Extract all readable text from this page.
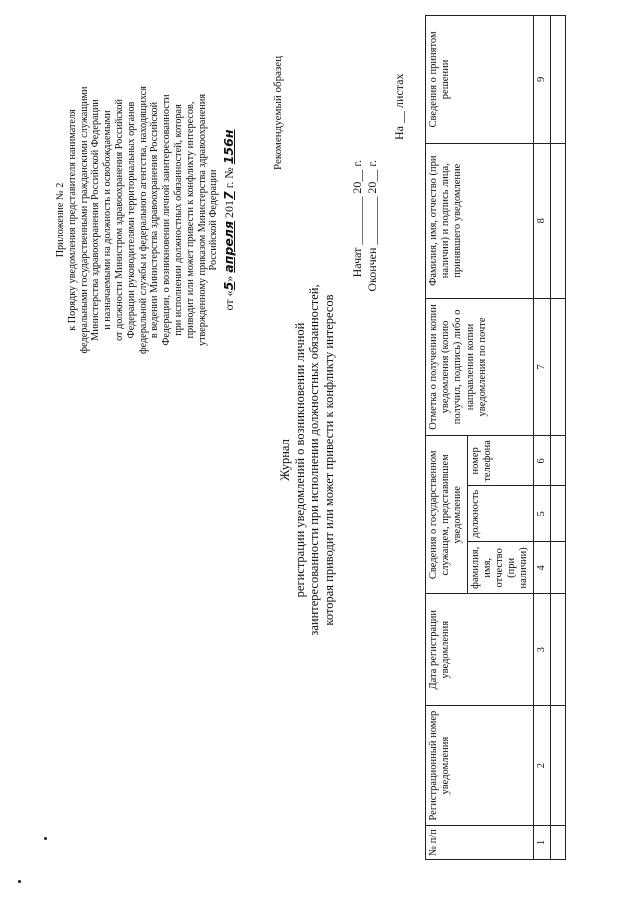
Приложение № 2 к Порядку уведомления представителя нанимателя федеральными государственными гражданскими служащими Министерства здравоохранения Российской Федерации и назначаемыми на должность и освобождаемыми от должности Министром здравоохранения Российской Федерации руководителями территориальных органов федеральной службы и федерального агентства, находящихся в ведении Министерства здравоохранения Российской Федерации, о возникновении личной заинтересованности при исполнении должностных обязанностей, которая приводит или может привести к конфликту интересов, утвержденному приказом Министерства здравоохранения Российской Федерации
от «5» апреля 2017 г. № 156н	Рекомендуемый образец
Журнал регистрации уведомлений о возникновении личной заинтересованности при исполнении должностных обязанностей, которая приводит или может привести к конфликту интересов
Начат ________ 20__ г. Окончен ________ 20__ г.
На __ листах
№ п/п	Регистрационный номер уведомления	Дата регистрации уведомления	Сведения о государственном служащем, представившем уведомление			Отметка о получении копии уведомления (копию получил, подпись) либо о направлении копии уведомления по почте	Фамилия, имя, отчество (при наличии) и подпись лица, принявшего уведомление	Сведения о принятом решении
			фамилия, имя, отчество (при наличии)	должность	номер телефона			
1	2	3	4	5	6	7	8	9
